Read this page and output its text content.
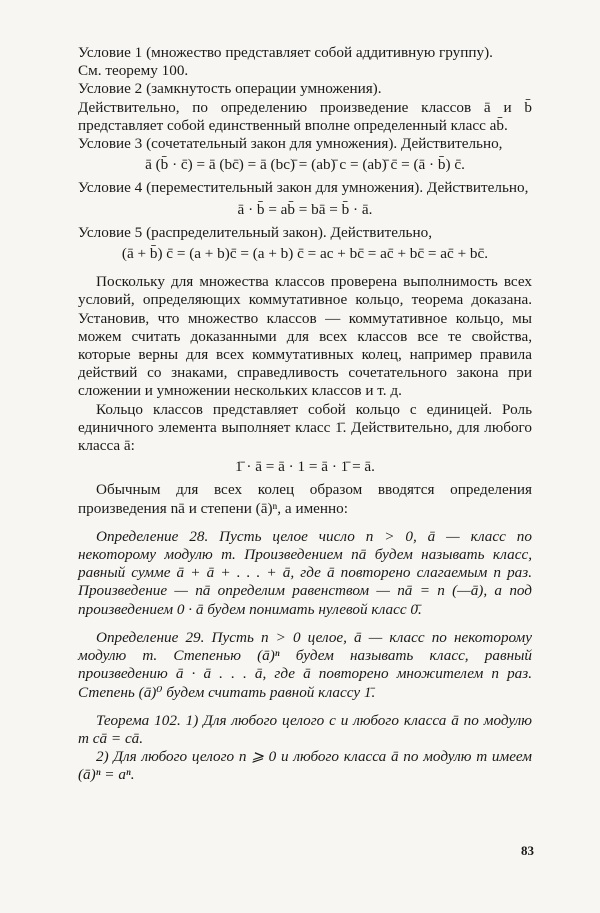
Условие 1 (множество представляет собой аддитивную группу).

См. теорему 100.

Условие 2 (замкнутость операции умножения).

Действительно, по определению произведение классов ā и b̄ представляет собой единственный вполне определенный класс ab̄.

Условие 3 (сочетательный закон для умножения). Действительно,

ā (b̄ · c̄) = ā (bc̄) = ā (bc)̄ = (ab)̄ c = (ab)̄ c̄ = (ā · b̄) c̄.

Условие 4 (переместительный закон для умножения). Действительно,

ā · b̄ = ab̄ = bā = b̄ · ā.

Условие 5 (распределительный закон). Действительно,

(ā + b̄) c̄ = (a + b)c̄ = (a + b) c̄ = ac + bc̄ = ac̄ + bc̄ = ac̄ + bc̄.

Поскольку для множества классов проверена выполнимость всех условий, определяющих коммутативное кольцо, теорема доказана. Установив, что множество классов — коммутативное кольцо, мы можем считать доказанными для всех классов все те свойства, которые верны для всех коммутативных колец, например правила действий со знаками, справедливость сочетательного закона при сложении и умножении нескольких классов и т. д.

Кольцо классов представляет собой кольцо с единицей. Роль единичного элемента выполняет класс 1̄. Действительно, для любого класса ā:

1̄ · ā = ā · 1 = ā · 1̄ = ā.

Обычным для всех колец образом вводятся определения произведения nā и степени (ā)ⁿ, а именно:

Определение 28. Пусть целое число n > 0, ā — класс по некоторому модулю m. Произведением nā будем называть класс, равный сумме ā + ā + . . . + ā, где ā повторено слагаемым n раз. Произведение — nā определим равенством — nā = n (—ā), а под произведением 0 · ā будем понимать нулевой класс 0̄.

Определение 29. Пусть n > 0 целое, ā — класс по некоторому модулю m. Степенью (ā)ⁿ будем называть класс, равный произведению ā · ā . . . ā, где ā повторено множителем n раз. Степень (ā)⁰ будем считать равной классу 1̄.

Теорема 102. 1) Для любого целого c и любого класса ā по модулю m cā = cā.

2) Для любого целого n ⩾ 0 и любого класса ā по модулю m имеем (ā)ⁿ = aⁿ.

83
